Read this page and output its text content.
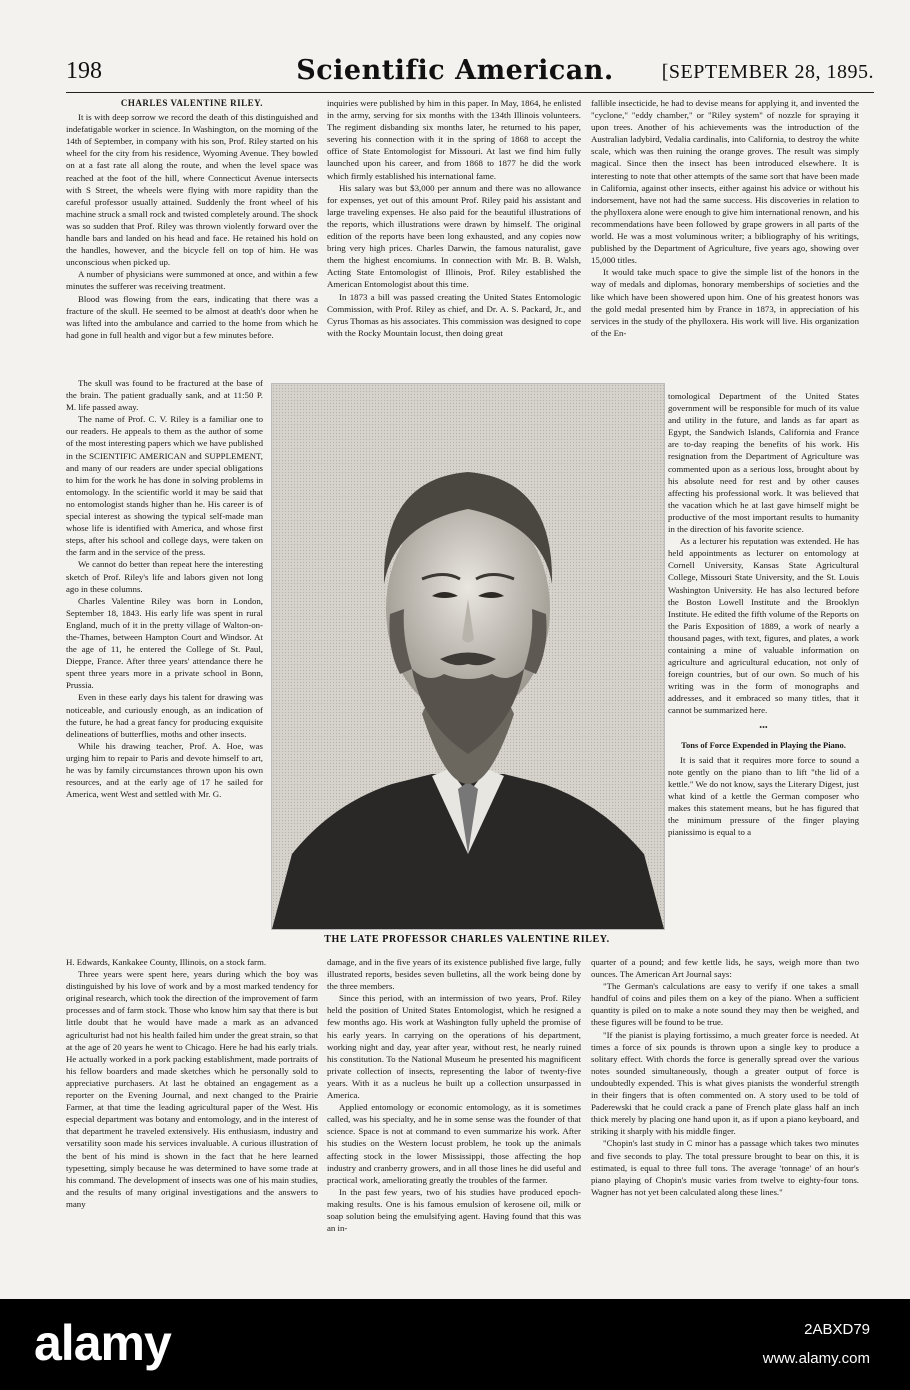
198	Scientific American.	[SEPTEMBER 28, 1895.
CHARLES VALENTINE RILEY.

It is with deep sorrow we record the death of this distinguished and indefatigable worker in science. In Washington, on the morning of the 14th of September, in company with his son, Prof. Riley started on his wheel for the city from his residence, Wyoming Avenue. They bowled on at a fast rate all along the route, and when the level space was reached at the foot of the hill, where Connecticut Avenue intersects with S Street, the wheels were flying with more rapidity than the careful professor usually attained. Suddenly the front wheel of his machine struck a small rock and twisted completely around. The shock was so sudden that Prof. Riley was thrown violently forward over the handle bars and landed on his head and face. He retained his hold on the handles, however, and the bicycle fell on top of him. He was unconscious when picked up.

A number of physicians were summoned at once, and within a few minutes the sufferer was receiving treatment.

Blood was flowing from the ears, indicating that there was a fracture of the skull. He seemed to be almost at death's door when he was lifted into the ambulance and carried to the home from which he had gone in full health and vigor but a few minutes before.

The skull was found to be fractured at the base of the brain. The patient gradually sank, and at 11:50 P. M. life passed away.

The name of Prof. C. V. Riley is a familiar one to our readers. He appeals to them as the author of some of the most interesting papers which we have published in the SCIENTIFIC AMERICAN and SUPPLEMENT, and many of our readers are under special obligations to him for the work he has done in solving problems in entomology. In the scientific world it may be said that no entomologist stands higher than he. His career is of special interest as showing the typical self-made man whose life is identified with America, and whose first steps, after his school and college days, were taken on the farm and in the service of the press.

We cannot do better than repeat here the interesting sketch of Prof. Riley's life and labors given not long ago in these columns.

Charles Valentine Riley was born in London, September 18, 1843. His early life was spent in rural England, much of it in the pretty village of Walton-on-the-Thames, between Hampton Court and Windsor. At the age of 11, he entered the College of St. Paul, Dieppe, France. After three years' attendance there he spent three years more in a private school in Bonn, Prussia.

Even in these early days his talent for drawing was noticeable, and curiously enough, as an indication of the future, he had a great fancy for producing exquisite delineations of butterflies, moths and other insects.

While his drawing teacher, Prof. A. Hoe, was urging him to repair to Paris and devote himself to art, he was by family circumstances thrown upon his own resources, and at the early age of 17 he sailed for America, went West and settled with Mr. G.

H. Edwards, Kankakee County, Illinois, on a stock farm.

Three years were spent here, years during which the boy was distinguished by his love of work and by a most marked tendency for original research, which took the direction of the improvement of farm processes and of farm stock. Those who know him say that there is but little doubt that he would have made a mark as an advanced agriculturist had not his health failed him under the great strain, so that at the age of 20 years he went to Chicago. Here he had his early trials. He actually worked in a pork packing establishment, made portraits of his fellow boarders and made sketches which he personally sold to appreciative purchasers. At last he obtained an engagement as a reporter on the Evening Journal, and next changed to the Prairie Farmer, at that time the leading agricultural paper of the West. His especial department was botany and entomology, and in the interest of that department he traveled extensively. His enthusiasm, industry and versatility soon made his services invaluable. A curious illustration of the bent of his mind is shown in the fact that he here learned typesetting, simply because he was determined to have some trade at his command. The development of insects was one of his main studies, and the results of many original investigations and the answers to many

inquiries were published by him in this paper. In May, 1864, he enlisted in the army, serving for six months with the 134th Illinois volunteers. The regiment disbanding six months later, he returned to his paper, severing his connection with it in the spring of 1868 to accept the office of State Entomologist for Missouri. At last we find him fully launched upon his career, and from 1868 to 1877 he did the work which firmly established his international fame.

His salary was but $3,000 per annum and there was no allowance for expenses, yet out of this amount Prof. Riley paid his assistant and large traveling expenses. He also paid for the beautiful illustrations of the reports, which illustrations were drawn by himself. The original edition of the reports have been long exhausted, and any copies now bring very high prices. Charles Darwin, the famous naturalist, gave them the highest encomiums. In connection with Mr. B. B. Walsh, Acting State Entomologist of Illinois, Prof. Riley established the American Entomologist about this time.

In 1873 a bill was passed creating the United States Entomologic Commission, with Prof. Riley as chief, and Dr. A. S. Packard, Jr., and Cyrus Thomas as his associates. This commission was designed to cope with the Rocky Mountain locust, then doing great

THE LATE PROFESSOR CHARLES VALENTINE RILEY.

damage, and in the five years of its existence published five large, fully illustrated reports, besides seven bulletins, all the work being done by the three members.

Since this period, with an intermission of two years, Prof. Riley held the position of United States Entomologist, which he resigned a few months ago. His work at Washington fully upheld the promise of his early years. In carrying on the operations of his department, working night and day, year after year, without rest, he nearly ruined his constitution. To the National Museum he presented his magnificent private collection of insects, representing the labor of twenty-five years. With it as a nucleus he built up a collection unsurpassed in America.

Applied entomology or economic entomology, as it is sometimes called, was his specialty, and he in some sense was the founder of that science. Space is not at command to even summarize his work. After his studies on the Western locust problem, he took up the animals affecting stock in the lower Mississippi, those affecting the hop industry and cranberry growers, and in all those lines he did useful and practical work, ameliorating greatly the troubles of the farmer.

In the past few years, two of his studies have produced epoch-making results. One is his famous emulsion of kerosene oil, milk or soap solution being the emulsifying agent. Having found that this was an in-

fallible insecticide, he had to devise means for applying it, and invented the "cyclone," "eddy chamber," or "Riley system" of nozzle for spraying it upon trees. Another of his achievements was the introduction of the Australian ladybird, Vedalia cardinalis, into California, to destroy the white scale, which was then ruining the orange groves. The result was simply magical. Since then the insect has been introduced elsewhere. It is interesting to note that other attempts of the same sort that have been made in California, against other insects, either against his advice or without his indorsement, have not had the same success. His discoveries in relation to the phylloxera alone were enough to give him international renown, and his recommendations have been followed by grape growers in all parts of the world. He was a most voluminous writer; a bibliography of his writings, published by the Department of Agriculture, five years ago, showing over 15,000 titles.

It would take much space to give the simple list of the honors in the way of medals and diplomas, honorary memberships of societies and the like which have been showered upon him. One of his greatest honors was the gold medal presented him by France in 1873, in appreciation of his services in the study of the phylloxera. His work will live. His organization of the En-

tomological Department of the United States government will be responsible for much of its value and utility in the future, and lands as far apart as Egypt, the Sandwich Islands, California and France are to-day reaping the benefits of his work. His resignation from the Department of Agriculture was commented upon as a serious loss, brought about by his absolute need for rest and by other causes affecting his professional work. It was believed that the vacation which he at last gave himself might be productive of the most important results to humanity in the direction of his favorite science.

As a lecturer his reputation was extended. He has held appointments as lecturer on entomology at Cornell University, Kansas State Agricultural College, Missouri State University, and the St. Louis Washington University. He has also lectured before the Boston Lowell Institute and the Brooklyn Institute. He edited the fifth volume of the Reports on the Paris Exposition of 1889, a work of nearly a thousand pages, with text, figures, and plates, a work containing a mine of valuable information on agriculture and agricultural education, not only of foreign countries, but of our own. So much of his writing was in the form of monographs and addresses, and it embraced so many titles, that it cannot be summarized here.

•••
Tons of Force Expended in Playing the Piano.

It is said that it requires more force to sound a note gently on the piano than to lift "the lid of a kettle." We do not know, says the Literary Digest, just what kind of a kettle the German composer who makes this statement means, but he has figured that the minimum pressure of the finger playing pianissimo is equal to a

quarter of a pound; and few kettle lids, he says, weigh more than two ounces. The American Art Journal says:

"The German's calculations are easy to verify if one takes a small handful of coins and piles them on a key of the piano. When a sufficient quantity is piled on to make a note sound they may then be weighed, and these figures will be found to be true.

"If the pianist is playing fortissimo, a much greater force is needed. At times a force of six pounds is thrown upon a single key to produce a solitary effect. With chords the force is generally spread over the various notes sounded simultaneously, though a greater output of force is undoubtedly expended. This is what gives pianists the wonderful strength in their fingers that is often commented on. A story used to be told of Paderewski that he could crack a pane of French plate glass half an inch thick merely by placing one hand upon it, as if upon a piano keyboard, and striking it sharply with his middle finger.

"Chopin's last study in C minor has a passage which takes two minutes and five seconds to play. The total pressure brought to bear on this, it is estimated, is equal to three full tons. The average 'tonnage' of an hour's piano playing of Chopin's music varies from twelve to eighty-four tons. Wagner has not yet been calculated along these lines."

alamy	2ABXD79
www.alamy.com
